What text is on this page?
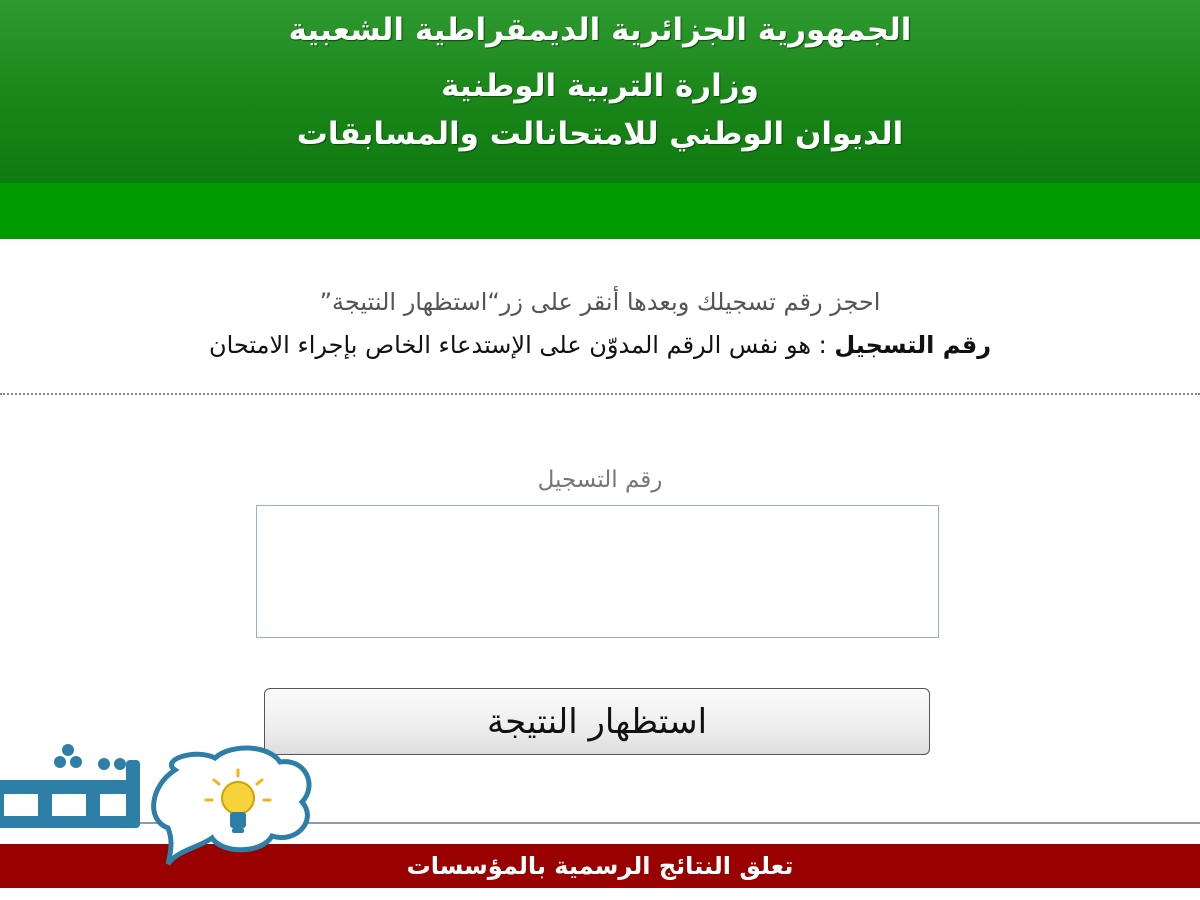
الجمهورية الجزائرية الديمقراطية الشعبية
وزارة التربية الوطنية
الديوان الوطني للامتحانالت والمسابقات
احجز رقم تسجيلك وبعدها أنقر على زر“استظهار النتيجة”
رقم التسجيل : هو نفس الرقم المدوّن على الإستدعاء الخاص بإجراء الامتحان
رقم التسجيل
استظهار النتيجة
تعلق النتائج الرسمية بالمؤسسات
